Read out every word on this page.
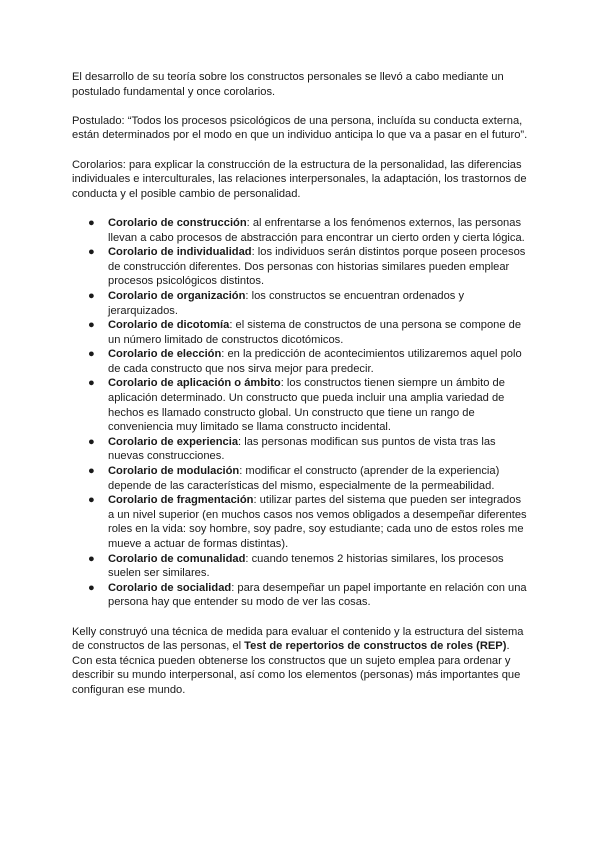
El desarrollo de su teoría sobre los constructos personales se llevó a cabo mediante un postulado fundamental y once corolarios.

Postulado: “Todos los procesos psicológicos de una persona, incluída su conducta externa, están determinados por el modo en que un individuo anticipa lo que va a pasar en el futuro”.

Corolarios: para explicar la construcción de la estructura de la personalidad, las diferencias individuales e interculturales, las relaciones interpersonales, la adaptación, los trastornos de conducta y el posible cambio de personalidad.

● Corolario de construcción: al enfrentarse a los fenómenos externos, las personas llevan a cabo procesos de abstracción para encontrar un cierto orden y cierta lógica.
● Corolario de individualidad: los individuos serán distintos porque poseen procesos de construcción diferentes. Dos personas con historias similares pueden emplear procesos psicológicos distintos.
● Corolario de organización: los constructos se encuentran ordenados y jerarquizados.
● Corolario de dicotomía: el sistema de constructos de una persona se compone de un número limitado de constructos dicotómicos.
● Corolario de elección: en la predicción de acontecimientos utilizaremos aquel polo de cada constructo que nos sirva mejor para predecir.
● Corolario de aplicación o ámbito: los constructos tienen siempre un ámbito de aplicación determinado. Un constructo que pueda incluir una amplia variedad de hechos es llamado constructo global. Un constructo que tiene un rango de conveniencia muy limitado se llama constructo incidental.
● Corolario de experiencia: las personas modifican sus puntos de vista tras las nuevas construcciones.
● Corolario de modulación: modificar el constructo (aprender de la experiencia) depende de las características del mismo, especialmente de la permeabilidad.
● Corolario de fragmentación: utilizar partes del sistema que pueden ser integrados a un nivel superior (en muchos casos nos vemos obligados a desempeñar diferentes roles en la vida: soy hombre, soy padre, soy estudiante; cada uno de estos roles me mueve a actuar de formas distintas).
● Corolario de comunalidad: cuando tenemos 2 historias similares, los procesos suelen ser similares.
● Corolario de socialidad: para desempeñar un papel importante en relación con una persona hay que entender su modo de ver las cosas.

Kelly construyó una técnica de medida para evaluar el contenido y la estructura del sistema de constructos de las personas, el Test de repertorios de constructos de roles (REP). Con esta técnica pueden obtenerse los constructos que un sujeto emplea para ordenar y describir su mundo interpersonal, así como los elementos (personas) más importantes que configuran ese mundo.
